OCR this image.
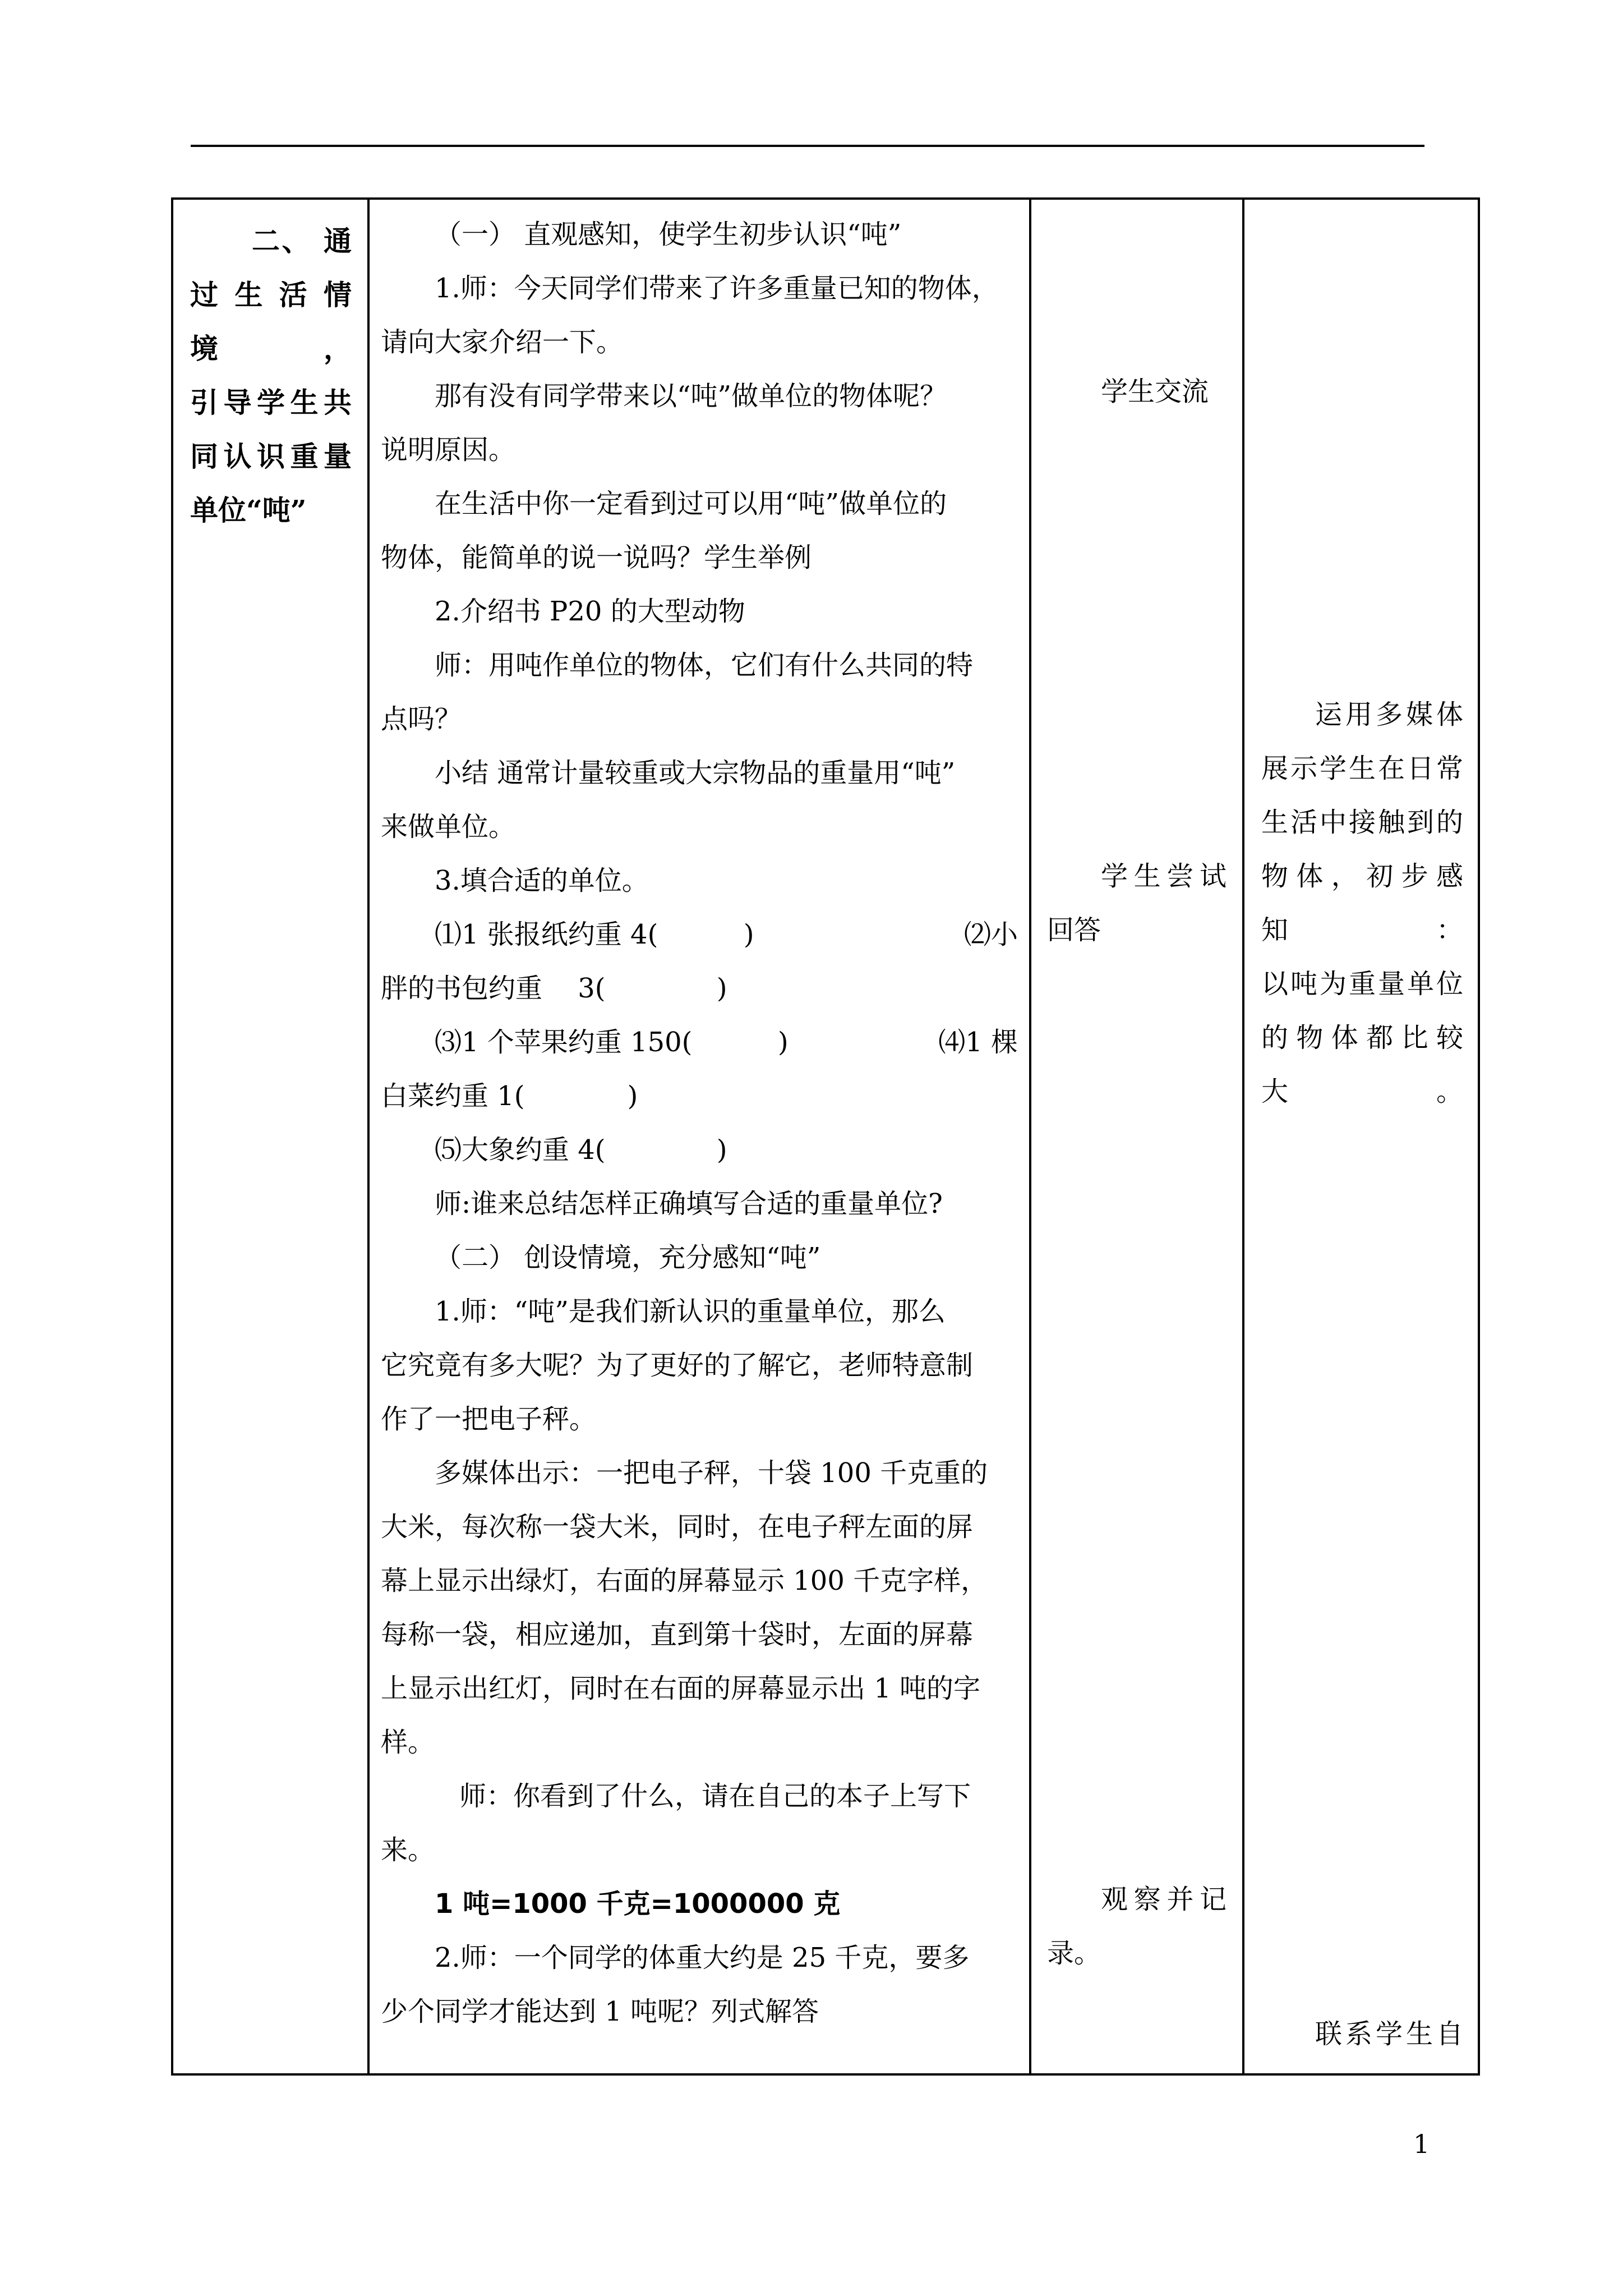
二、 通
过生活情境，
引导学生共
同认识重量
单位“吨”

（一） 直观感知，使学生初步认识“吨”
1.师：今天同学们带来了许多重量已知的物体，
请向大家介绍一下。
那有没有同学带来以“吨”做单位的物体呢？
说明原因。
在生活中你一定看到过可以用“吨”做单位的
物体，能简单的说一说吗？学生举例
2.介绍书 P20 的大型动物
师：用吨作单位的物体，它们有什么共同的特
点吗？
小结 通常计量较重或大宗物品的重量用“吨”
来做单位。
3.填合适的单位。
⑴1 张报纸约重 4(          )	⑵小
胖的书包约重　 3(             )
⑶1 个苹果约重 150(          )	⑷1 棵
白菜约重 1(            )
⑸大象约重 4(             )
师:谁来总结怎样正确填写合适的重量单位?
（二） 创设情境，充分感知“吨”
1.师：“吨”是我们新认识的重量单位，那么
它究竟有多大呢？为了更好的了解它，老师特意制
作了一把电子秤。
多媒体出示：一把电子秤，十袋 100 千克重的
大米，每次称一袋大米，同时，在电子秤左面的屏
幕上显示出绿灯，右面的屏幕显示 100 千克字样，
每称一袋，相应递加，直到第十袋时，左面的屏幕
上显示出红灯，同时在右面的屏幕显示出 1 吨的字
样。
师：你看到了什么，请在自己的本子上写下
来。
1 吨=1000 千克=1000000 克
2.师：一个同学的体重大约是 25 千克，要多
少个同学才能达到 1 吨呢？列式解答

学生交流
学生尝试
回答
观察并记
录。

运用多媒体
展示学生在日常
生活中接触到的
物体，初步感知：
以吨为重量单位
的物体都比较大。
联系学生自
1
